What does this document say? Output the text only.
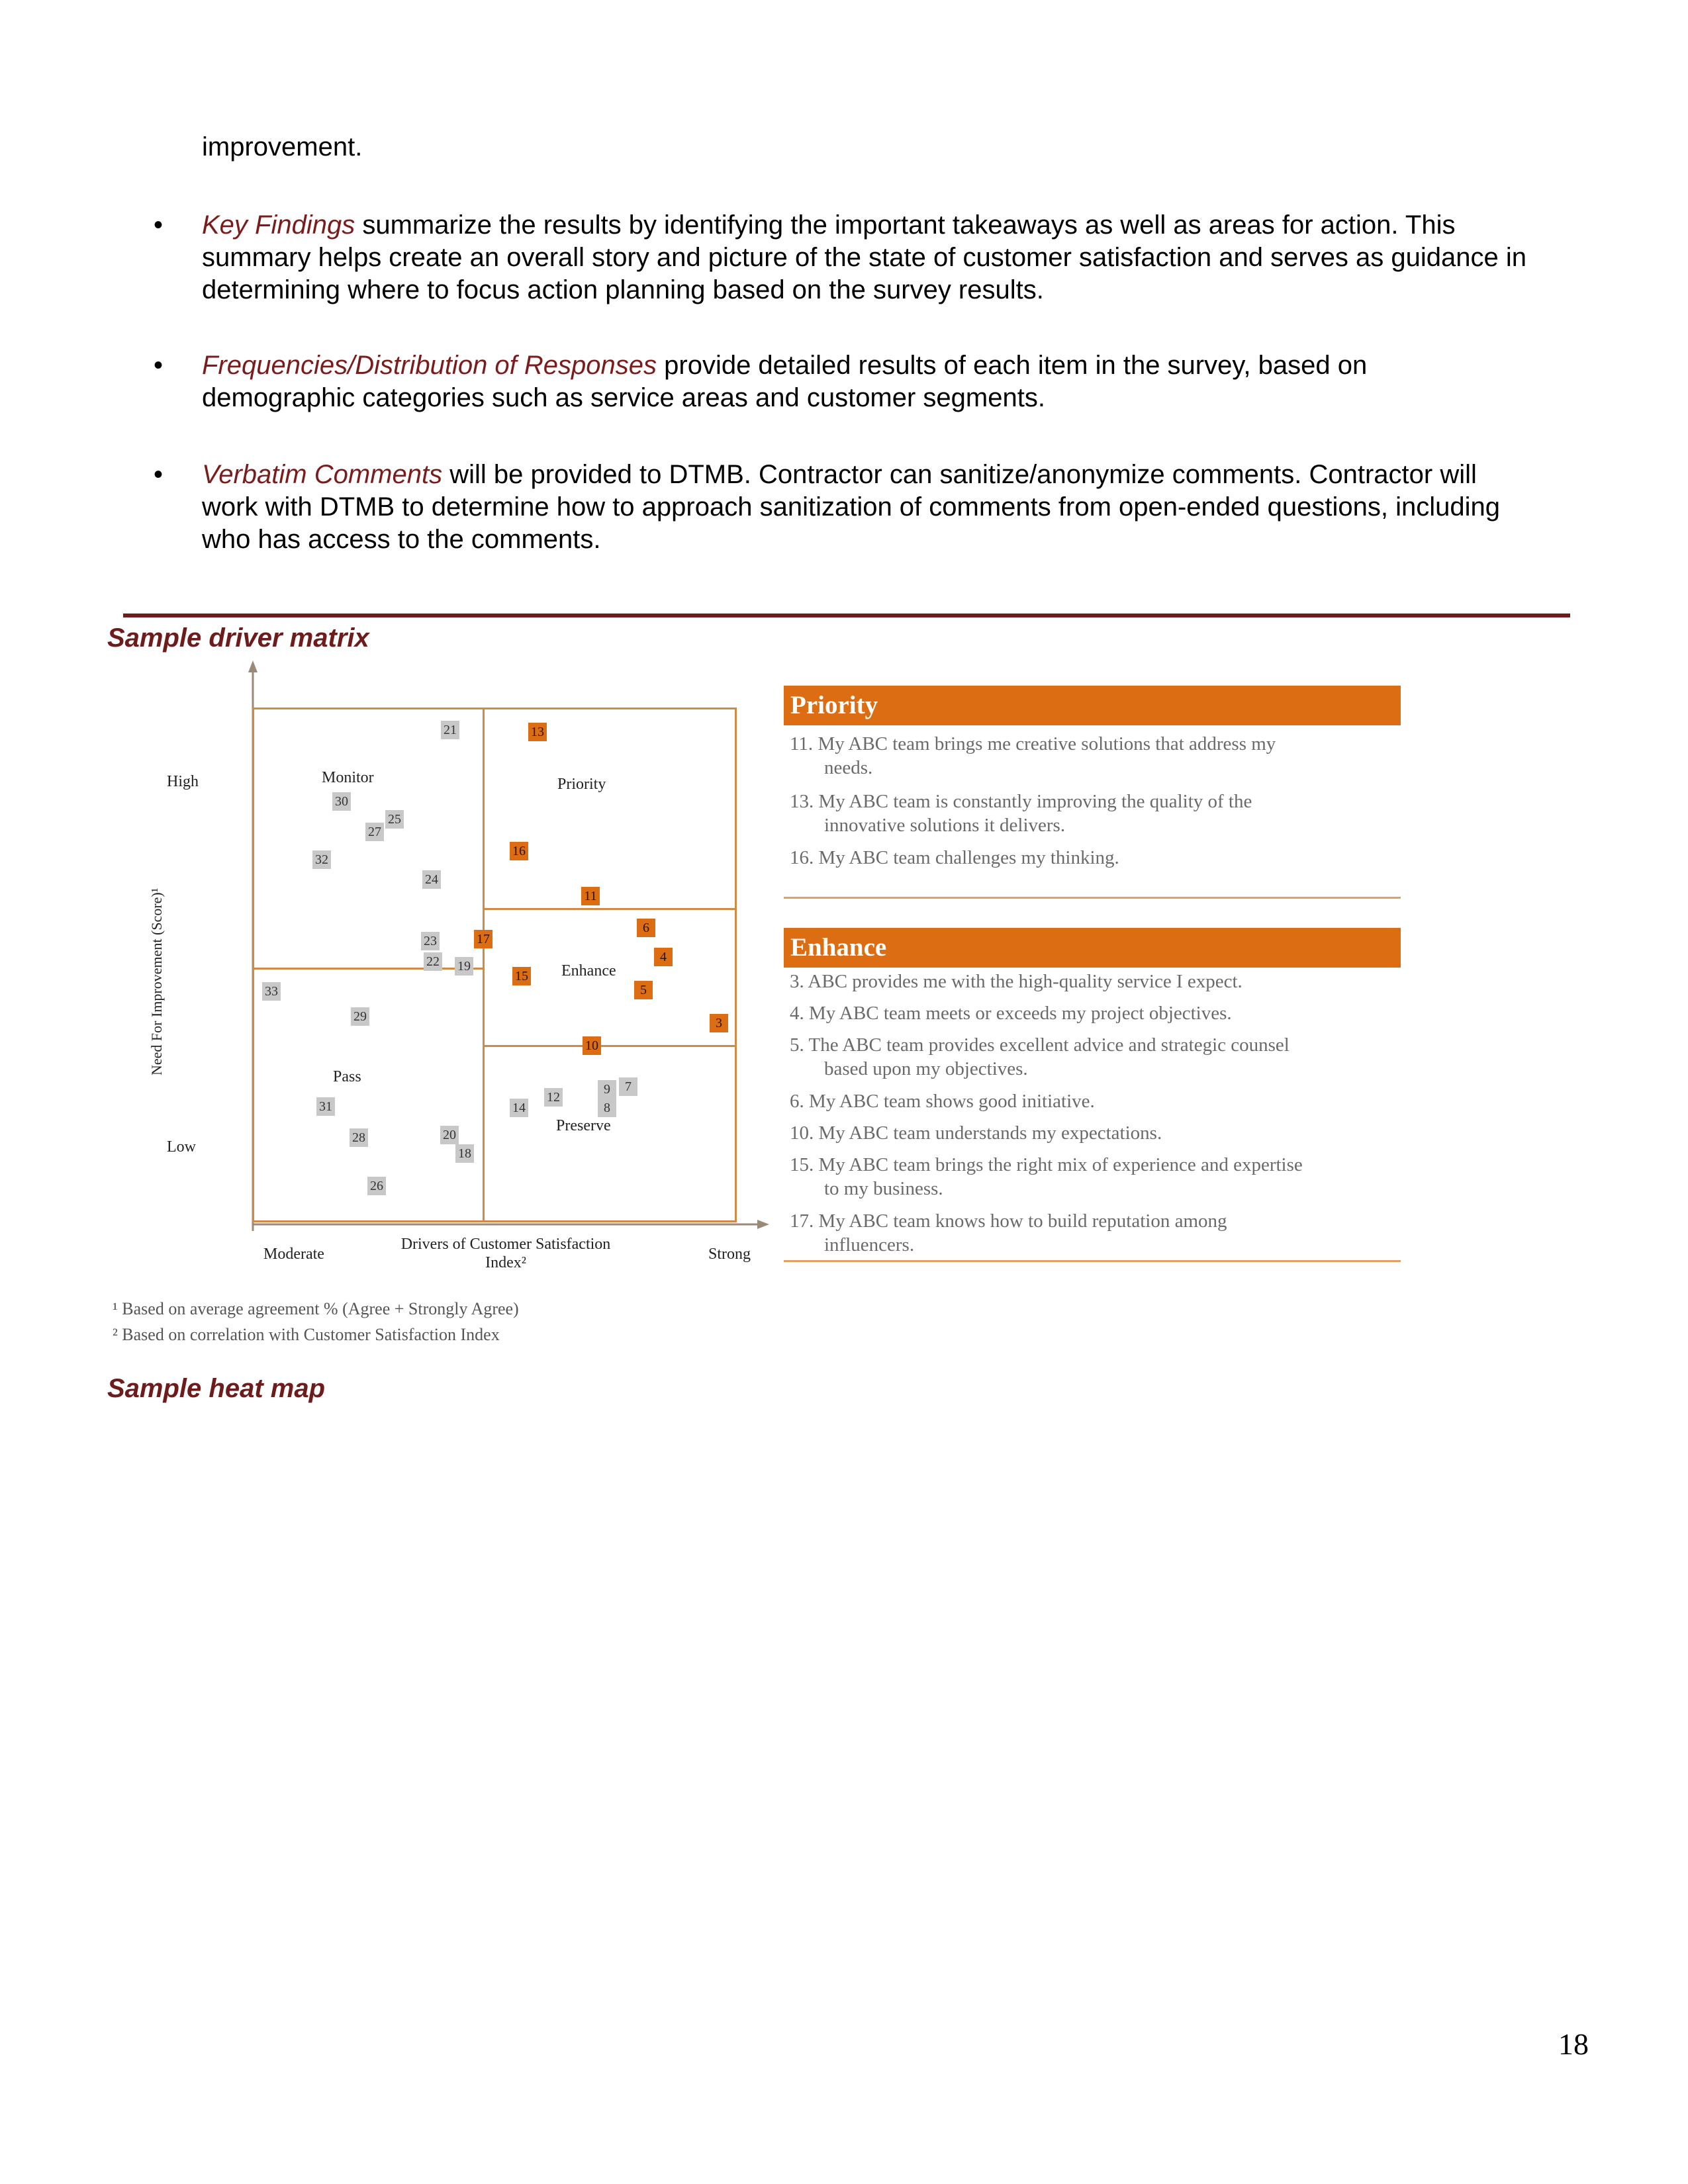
improvement.
• Key Findings summarize the results by identifying the important takeaways as well as areas for action. This summary helps create an overall story and picture of the state of customer satisfaction and serves as guidance in determining where to focus action planning based on the survey results.
• Frequencies/Distribution of Responses provide detailed results of each item in the survey, based on demographic categories such as service areas and customer segments.
• Verbatim Comments will be provided to DTMB. Contractor can sanitize/anonymize comments. Contractor will work with DTMB to determine how to approach sanitization of comments from open-ended questions, including who has access to the comments.
Sample driver matrix
Need For Improvement (Score)¹
High
Low
Moderate	Strong
Drivers of Customer Satisfaction
Index²
Monitor	Priority
Enhance
Pass
Preserve
21	13
30
25
27
32
16
24
11
6
23	17
4
22 19
15
5
33
29	3
10
9	7
12
8
31	14
20
28
18
26
Priority
11. My ABC team brings me creative solutions that address my
needs.
13. My ABC team is constantly improving the quality of the
innovative solutions it delivers.
16. My ABC team challenges my thinking.
Enhance
3. ABC provides me with the high-quality service I expect.
4. My ABC team meets or exceeds my project objectives.
5. The ABC team provides excellent advice and strategic counsel
based upon my objectives.
6. My ABC team shows good initiative.
10. My ABC team understands my expectations.
15. My ABC team brings the right mix of experience and expertise
to my business.
17. My ABC team knows how to build reputation among
influencers.
¹ Based on average agreement % (Agree + Strongly Agree)
² Based on correlation with Customer Satisfaction Index
Sample heat map
18
